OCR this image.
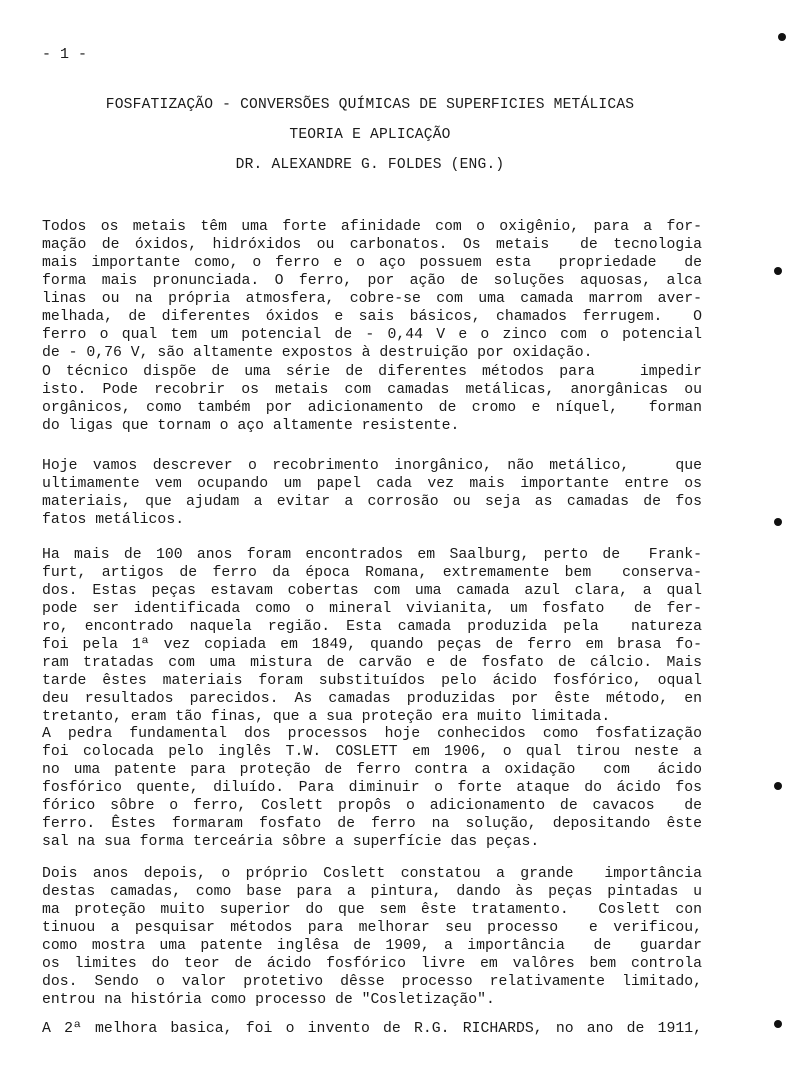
- 1 -
FOSFATIZAÇÃO - CONVERSÕES QUÍMICAS DE SUPERFICIES METÁLICAS
TEORIA E APLICAÇÃO
DR. ALEXANDRE G. FOLDES (ENG.)
Todos os metais têm uma forte afinidade com o oxigênio, para a for-
mação de óxidos, hidróxidos ou carbonatos. Os metais  de tecnologia
mais importante como, o ferro e o aço possuem esta  propriedade  de
forma mais pronunciada. O ferro, por ação de soluções aquosas, alca
linas ou na própria atmosfera, cobre-se com uma camada marrom aver-
melhada, de diferentes óxidos e sais básicos, chamados ferrugem.  O
ferro o qual tem um potencial de - 0,44 V e o zinco com o potencial
de - 0,76 V, são altamente expostos à destruição por oxidação.
O técnico dispõe de uma série de diferentes métodos para   impedir
isto. Pode recobrir os metais com camadas metálicas, anorgânicas ou
orgânicos, como também por adicionamento de cromo e níquel,  forman
do ligas que tornam o aço altamente resistente.
Hoje vamos descrever o recobrimento inorgânico, não metálico,   que
ultimamente vem ocupando um papel cada vez mais importante entre os
materiais, que ajudam a evitar a corrosão ou seja as camadas de fos
fatos metálicos.
Ha mais de 100 anos foram encontrados em Saalburg, perto de  Frank-
furt, artigos de ferro da época Romana, extremamente bem  conserva-
dos. Estas peças estavam cobertas com uma camada azul clara, a qual
pode ser identificada como o mineral vivianita, um fosfato  de fer-
ro, encontrado naquela região. Esta camada produzida pela  natureza
foi pela 1ª vez copiada em 1849, quando peças de ferro em brasa fo-
ram tratadas com uma mistura de carvão e de fosfato de cálcio. Mais
tarde êstes materiais foram substituídos pelo ácido fosfórico, oqual
deu resultados parecidos. As camadas produzidas por êste método, en
tretanto, eram tão finas, que a sua proteção era muito limitada.
A pedra fundamental dos processos hoje conhecidos como fosfatização
foi colocada pelo inglês T.W. COSLETT em 1906, o qual tirou neste a
no uma patente para proteção de ferro contra a oxidação  com  ácido
fosfórico quente, diluído. Para diminuir o forte ataque do ácido fos
fórico sôbre o ferro, Coslett propôs o adicionamento de cavacos  de
ferro. Êstes formaram fosfato de ferro na solução, depositando êste
sal na sua forma terceária sôbre a superfície das peças.
Dois anos depois, o próprio Coslett constatou a grande  importância
destas camadas, como base para a pintura, dando às peças pintadas u
ma proteção muito superior do que sem êste tratamento.  Coslett con
tinuou a pesquisar métodos para melhorar seu processo  e verificou,
como mostra uma patente inglêsa de 1909, a importância  de  guardar
os limites do teor de ácido fosfórico livre em valôres bem controla
dos. Sendo o valor protetivo dêsse processo relativamente limitado,
entrou na história como processo de "Cosletização".
A 2ª melhora basica, foi o invento de R.G. RICHARDS, no ano de 1911,
